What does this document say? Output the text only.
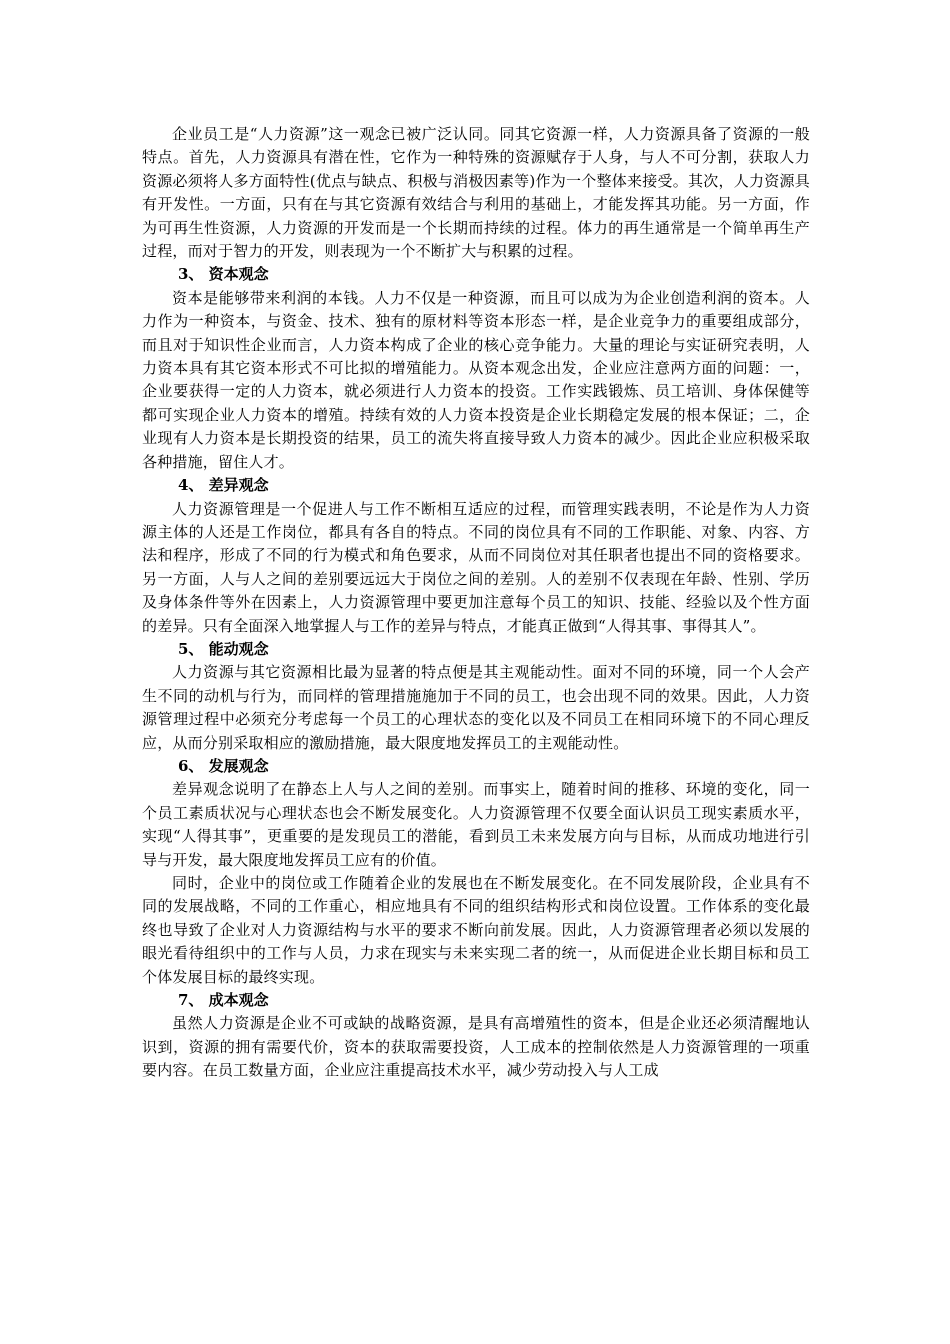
企业员工是“人力资源”这一观念已被广泛认同。同其它资源一样，人力资源具备了资源的一般特点。首先，人力资源具有潜在性，它作为一种特殊的资源赋存于人身，与人不可分割，获取人力资源必须将人多方面特性(优点与缺点、积极与消极因素等)作为一个整体来接受。其次，人力资源具有开发性。一方面，只有在与其它资源有效结合与利用的基础上，才能发挥其功能。另一方面，作为可再生性资源，人力资源的开发而是一个长期而持续的过程。体力的再生通常是一个简单再生产过程，而对于智力的开发，则表现为一个不断扩大与积累的过程。

3、 资本观念

资本是能够带来利润的本钱。人力不仅是一种资源，而且可以成为为企业创造利润的资本。人力作为一种资本，与资金、技术、独有的原材料等资本形态一样，是企业竞争力的重要组成部分，而且对于知识性企业而言，人力资本构成了企业的核心竞争能力。大量的理论与实证研究表明，人力资本具有其它资本形式不可比拟的增殖能力。从资本观念出发，企业应注意两方面的问题：一，企业要获得一定的人力资本，就必须进行人力资本的投资。工作实践锻炼、员工培训、身体保健等都可实现企业人力资本的增殖。持续有效的人力资本投资是企业长期稳定发展的根本保证；二，企业现有人力资本是长期投资的结果，员工的流失将直接导致人力资本的减少。因此企业应积极采取各种措施，留住人才。

4、 差异观念

人力资源管理是一个促进人与工作不断相互适应的过程，而管理实践表明，不论是作为人力资源主体的人还是工作岗位，都具有各自的特点。不同的岗位具有不同的工作职能、对象、内容、方法和程序，形成了不同的行为模式和角色要求，从而不同岗位对其任职者也提出不同的资格要求。另一方面，人与人之间的差别要远远大于岗位之间的差别。人的差别不仅表现在年龄、性别、学历及身体条件等外在因素上，人力资源管理中要更加注意每个员工的知识、技能、经验以及个性方面的差异。只有全面深入地掌握人与工作的差异与特点，才能真正做到“人得其事、事得其人”。

5、 能动观念

人力资源与其它资源相比最为显著的特点便是其主观能动性。面对不同的环境，同一个人会产生不同的动机与行为，而同样的管理措施施加于不同的员工，也会出现不同的效果。因此，人力资源管理过程中必须充分考虑每一个员工的心理状态的变化以及不同员工在相同环境下的不同心理反应，从而分别采取相应的激励措施，最大限度地发挥员工的主观能动性。

6、 发展观念

差异观念说明了在静态上人与人之间的差别。而事实上，随着时间的推移、环境的变化，同一个员工素质状况与心理状态也会不断发展变化。人力资源管理不仅要全面认识员工现实素质水平，实现“人得其事”，更重要的是发现员工的潜能，看到员工未来发展方向与目标，从而成功地进行引导与开发，最大限度地发挥员工应有的价值。

同时，企业中的岗位或工作随着企业的发展也在不断发展变化。在不同发展阶段，企业具有不同的发展战略，不同的工作重心，相应地具有不同的组织结构形式和岗位设置。工作体系的变化最终也导致了企业对人力资源结构与水平的要求不断向前发展。因此，人力资源管理者必须以发展的眼光看待组织中的工作与人员，力求在现实与未来实现二者的统一，从而促进企业长期目标和员工个体发展目标的最终实现。

7、 成本观念

虽然人力资源是企业不可或缺的战略资源，是具有高增殖性的资本，但是企业还必须清醒地认识到，资源的拥有需要代价，资本的获取需要投资，人工成本的控制依然是人力资源管理的一项重要内容。在员工数量方面，企业应注重提高技术水平，减少劳动投入与人工成
